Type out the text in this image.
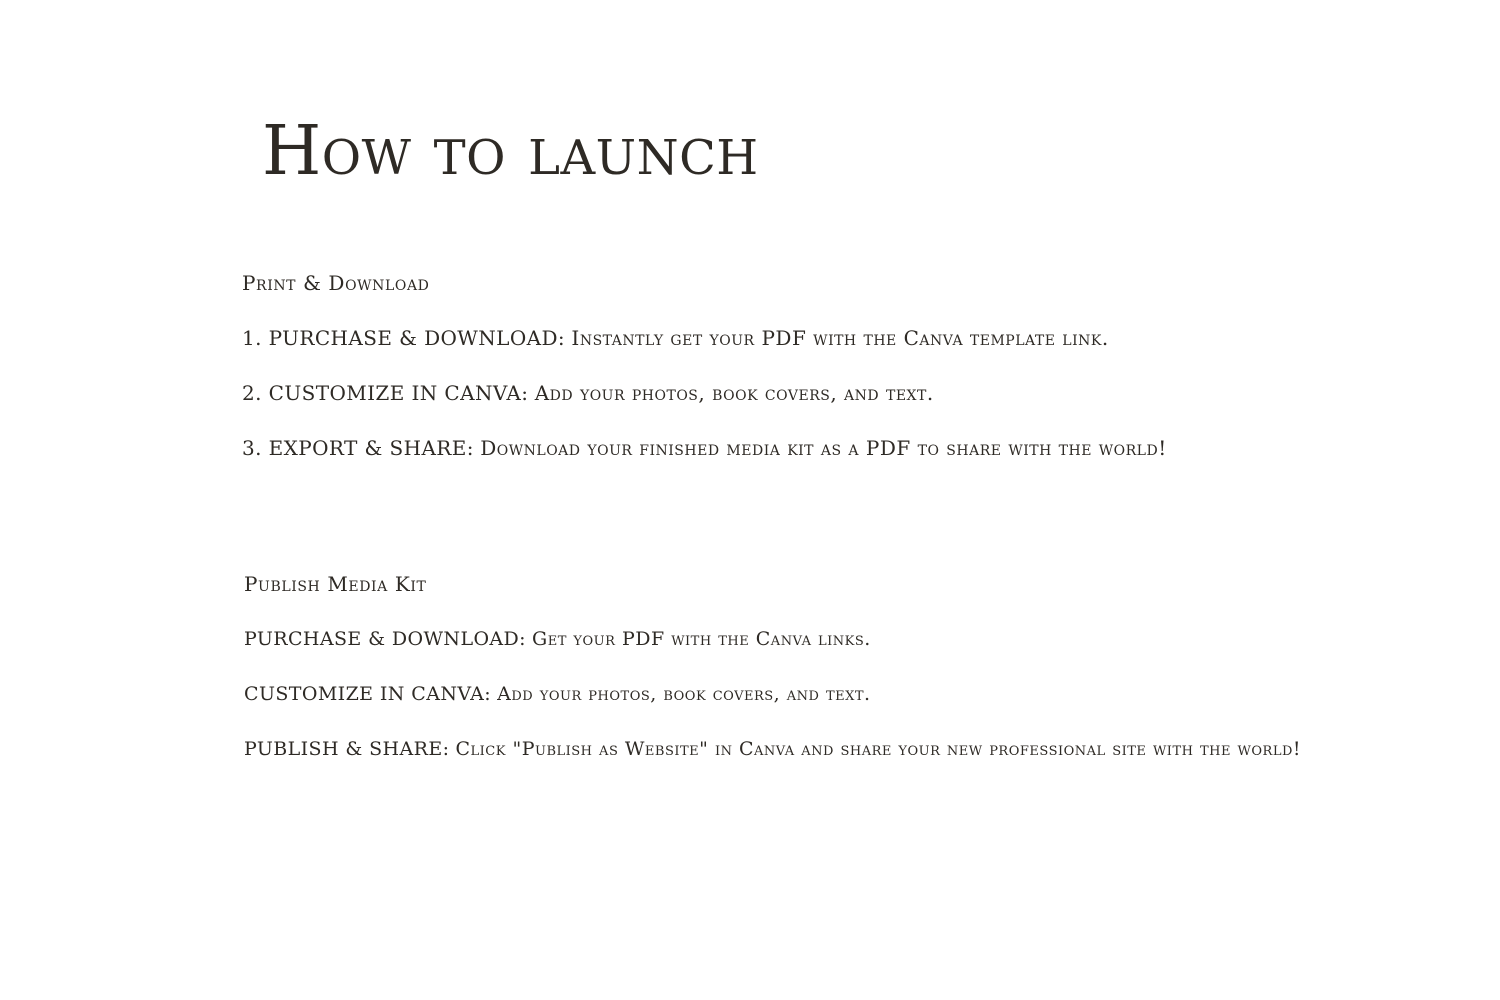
How to launch
Print & Download
1. PURCHASE & DOWNLOAD: Instantly get your PDF with the Canva template link.
2. CUSTOMIZE IN CANVA: Add your photos, book covers, and text.
3. EXPORT & SHARE: Download your finished media kit as a PDF to share with the world!
Publish Media Kit
PURCHASE & DOWNLOAD: Get your PDF with the Canva links.
CUSTOMIZE IN CANVA: Add your photos, book covers, and text.
PUBLISH & SHARE: Click "Publish as Website" in Canva and share your new professional site with the world!
